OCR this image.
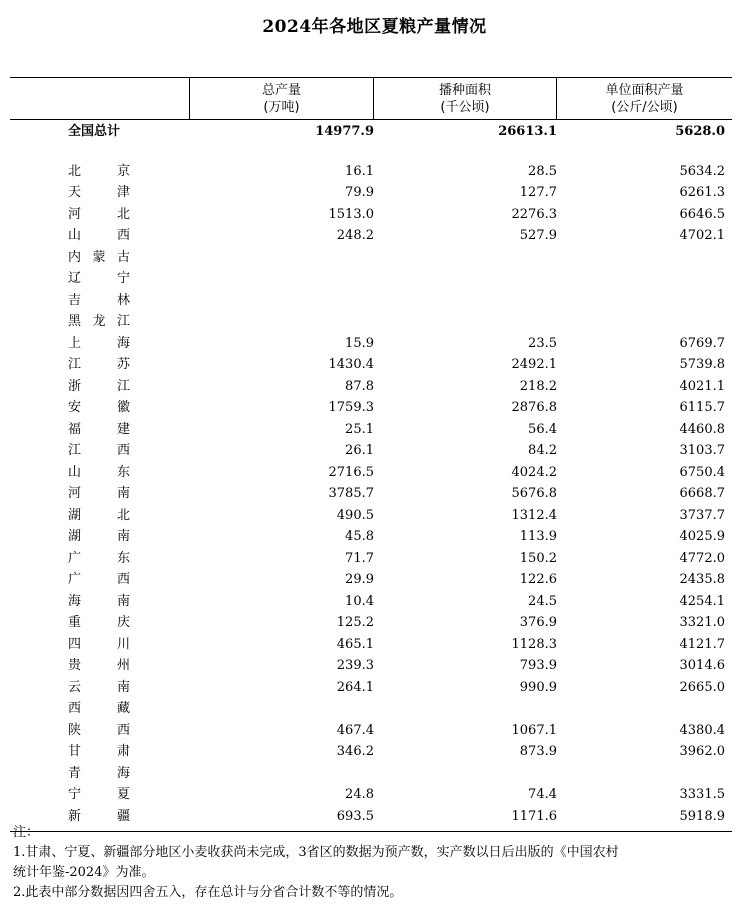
2024年各地区夏粮产量情况
总产量
(万吨)
播种面积
(千公顷)
单位面积产量
(公斤/公顷)
全国总计	14977.9	26613.1	5628.0
北	京	16.1	28.5	5634.2
天	津	79.9	127.7	6261.3
河	北	1513.0	2276.3	6646.5
山	西	248.2	527.9	4702.1
内 蒙 古
辽	宁
吉	林
黑 龙 江
上	海	15.9	23.5	6769.7
江	苏	1430.4	2492.1	5739.8
浙	江	87.8	218.2	4021.1
安	徽	1759.3	2876.8	6115.7
福	建	25.1	56.4	4460.8
江	西	26.1	84.2	3103.7
山	东	2716.5	4024.2	6750.4
河	南	3785.7	5676.8	6668.7
湖	北	490.5	1312.4	3737.7
湖	南	45.8	113.9	4025.9
广	东	71.7	150.2	4772.0
广	西	29.9	122.6	2435.8
海	南	10.4	24.5	4254.1
重	庆	125.2	376.9	3321.0
四	川	465.1	1128.3	4121.7
贵	州	239.3	793.9	3014.6
云	南	264.1	990.9	2665.0
西	藏
陕	西	467.4	1067.1	4380.4
甘	肃	346.2	873.9	3962.0
青	海
宁	夏	24.8	74.4	3331.5
新	疆	693.5	1171.6	5918.9
注：
1.甘肃、宁夏、新疆部分地区小麦收获尚未完成，3省区的数据为预产数，实产数以日后出版的《中国农村
统计年鉴-2024》为准。
2.此表中部分数据因四舍五入，存在总计与分省合计数不等的情况。
